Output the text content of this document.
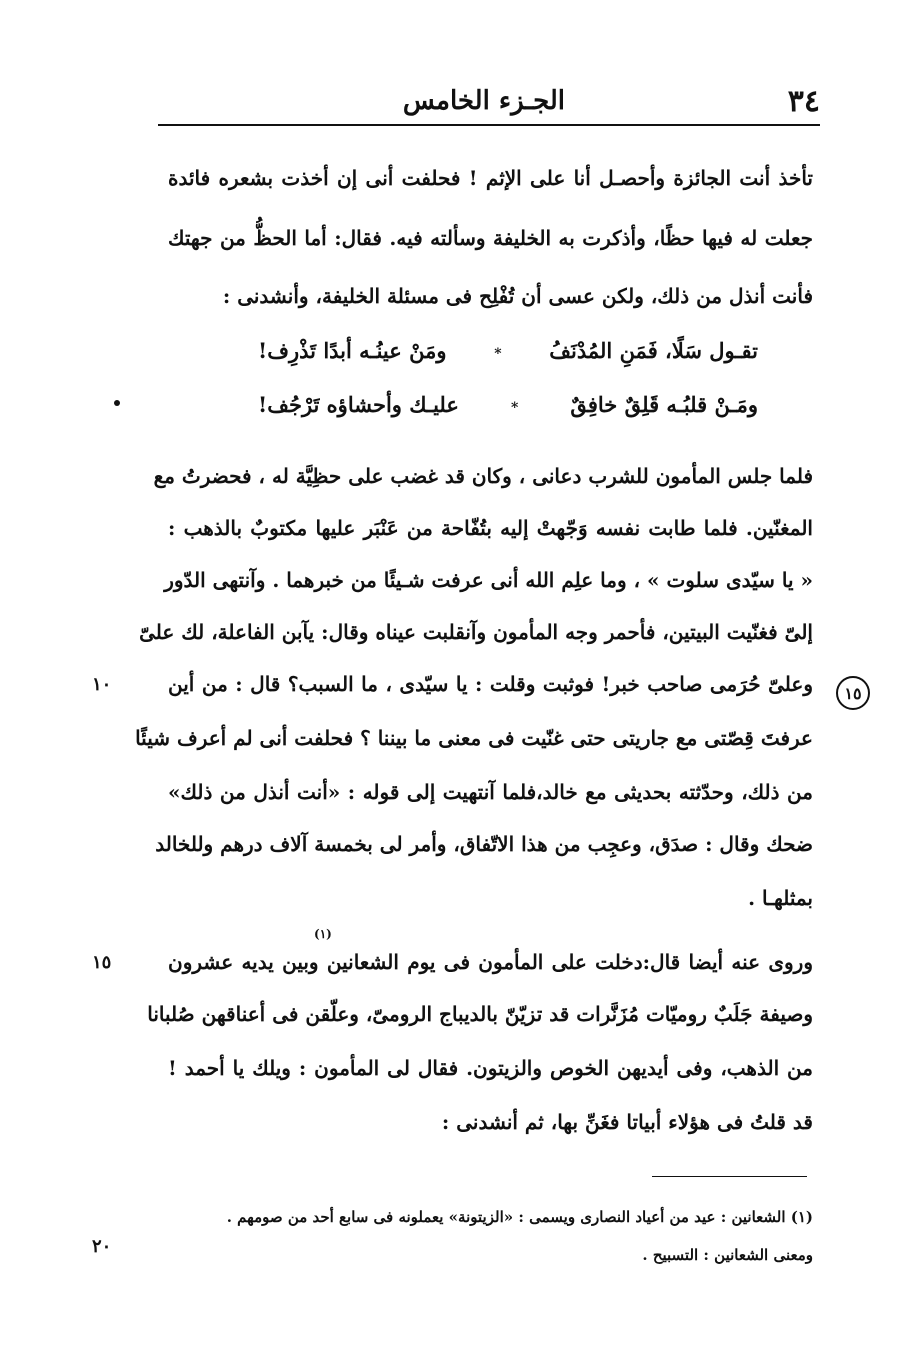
٣٤
الجـزء الخامس
تأخذ أنت الجائزة وأحصـل أنا على الإثم ! فحلفت أنى إن أخذت بشعره فائدة
جعلت له فيها حظًا، وأذكرت به الخليفة وسألته فيه. فقال: أما الحظُّ من جهتك
فأنت أنذل من ذلك، ولكن عسى أن تُفْلِح فى مسئلة الخليفة، وأنشدنى :
تقـول سَلًا، فَمَنِ المُدْنَفُ
*
ومَنْ عينُـه أبدًا تَذْرِف!
ومَـنْ قلبُـه قَلِقٌ خافِقٌ
*
عليـك وأحشاؤه تَرْجُف!
فلما جلس المأمون للشرب دعانى ، وكان قد غضب على حظِيَّة له ، فحضرتُ مع
المغنّين. فلما طابت نفسه وَجّهتْ إليه بتُفّاحة من عَنْبَر عليها مكتوبٌ بالذهب :
« يا سيّدى سلوت » ، وما علِم الله أنى عرفت شـيئًا من خبرهما . وآنتهى الدّور
إلىّ فغنّيت البيتين، فأحمر وجه المأمون وآنقلبت عيناه وقال: يآبن الفاعلة، لك علىّ
وعلىّ حُرَمى صاحب خبر! فوثبت وقلت : يا سيّدى ، ما السبب؟ قال : من أين
عرفتَ قِصّتى مع جاريتى حتى غنّيت فى معنى ما بيننا ؟ فحلفت أنى لم أعرف شيئًا
من ذلك، وحدّثته بحديثى مع خالد،فلما آنتهيت إلى قوله : «أنت أنذل من ذلك»
ضحك وقال : صدَق، وعجِب من هذا الاتّفاق، وأمر لى بخمسة آلاف درهم وللخالد
بمثلهـا .
١٠	١٥
(١)
وروى عنه أيضا قال:دخلت على المأمون فى يوم الشعانين وبين يديه عشرون
وصيفة جَلَبٌ روميّات مُزَنَّرات قد تزيّنّ بالديباج الرومىّ، وعلّقن فى أعناقهن صُلبانا
من الذهب، وفى أيديهن الخوص والزيتون. فقال لى المأمون : ويلك يا أحمد !
قد قلتُ فى هؤلاء أبياتا فغَنِّ بها، ثم أنشدنى :
١٥
(١) الشعانين : عيد من أعياد النصارى ويسمى : «الزيتونة» يعملونه فى سابع أحد من صومهم .
ومعنى الشعانين : التسبيح .
٢٠
